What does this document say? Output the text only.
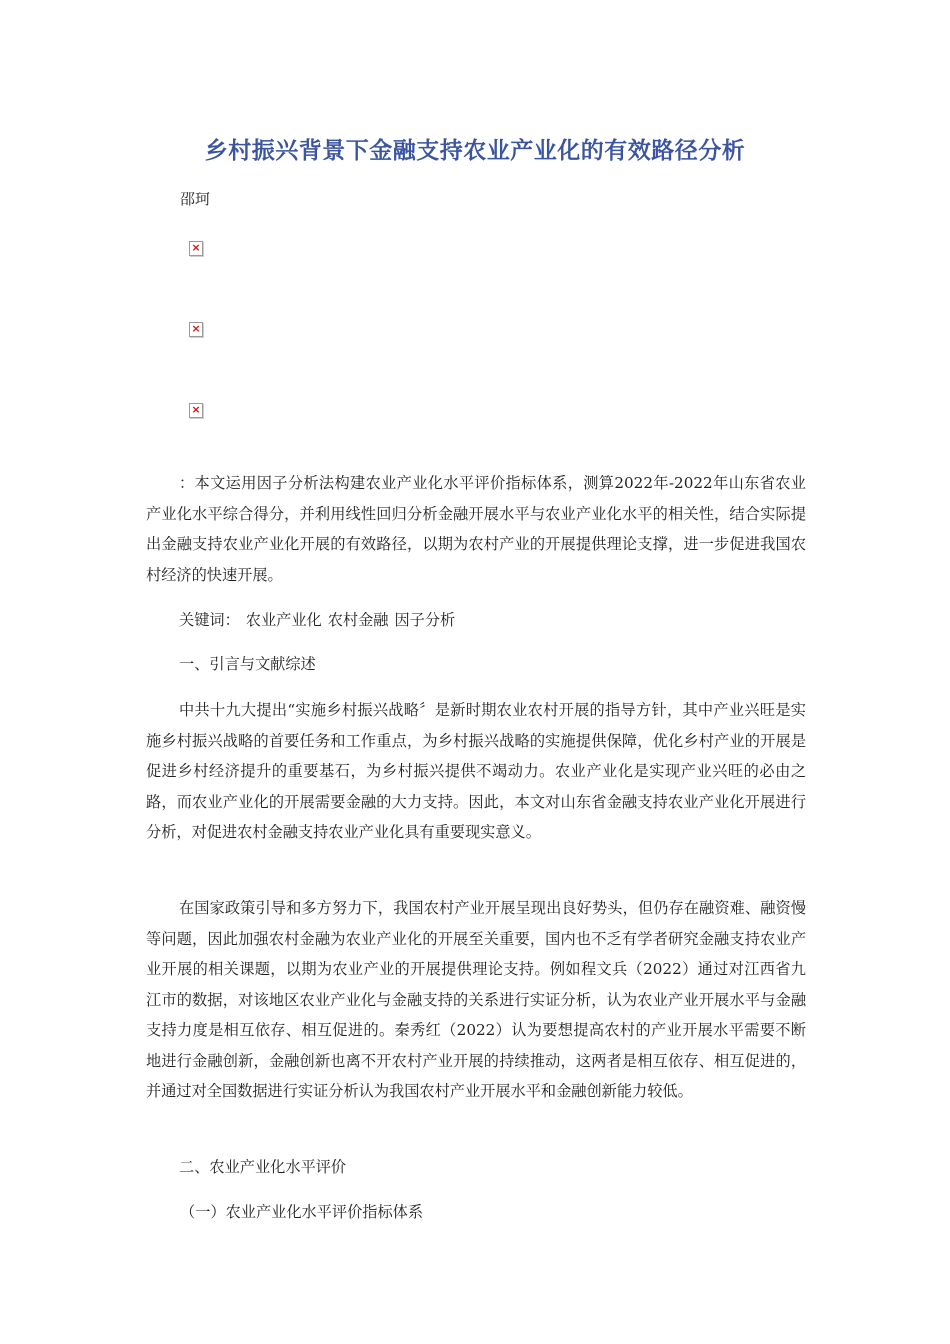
乡村振兴背景下金融支持农业产业化的有效路径分析
邵珂
×
×
×
：本文运用因子分析法构建农业产业化水平评价指标体系，测算2022年-2022年山东省农业产业化水平综合得分，并利用线性回归分析金融开展水平与农业产业化水平的相关性，结合实际提出金融支持农业产业化开展的有效路径，以期为农村产业的开展提供理论支撑，进一步促进我国农村经济的快速开展。
关键词： 农业产业化 农村金融 因子分析
一、引言与文献综述
中共十九大提出“实施乡村振兴战略〞是新时期农业农村开展的指导方针，其中产业兴旺是实施乡村振兴战略的首要任务和工作重点，为乡村振兴战略的实施提供保障，优化乡村产业的开展是促进乡村经济提升的重要基石，为乡村振兴提供不竭动力。农业产业化是实现产业兴旺的必由之路，而农业产业化的开展需要金融的大力支持。因此，本文对山东省金融支持农业产业化开展进行分析，对促进农村金融支持农业产业化具有重要现实意义。
在国家政策引导和多方努力下，我国农村产业开展呈现出良好势头，但仍存在融资难、融资慢等问题，因此加强农村金融为农业产业化的开展至关重要，国内也不乏有学者研究金融支持农业产业开展的相关课题，以期为农业产业的开展提供理论支持。例如程文兵（2022）通过对江西省九江市的数据，对该地区农业产业化与金融支持的关系进行实证分析，认为农业产业开展水平与金融支持力度是相互依存、相互促进的。秦秀红（2022）认为要想提高农村的产业开展水平需要不断地进行金融创新，金融创新也离不开农村产业开展的持续推动，这两者是相互依存、相互促进的，并通过对全国数据进行实证分析认为我国农村产业开展水平和金融创新能力较低。
二、农业产业化水平评价
（一）农业产业化水平评价指标体系
